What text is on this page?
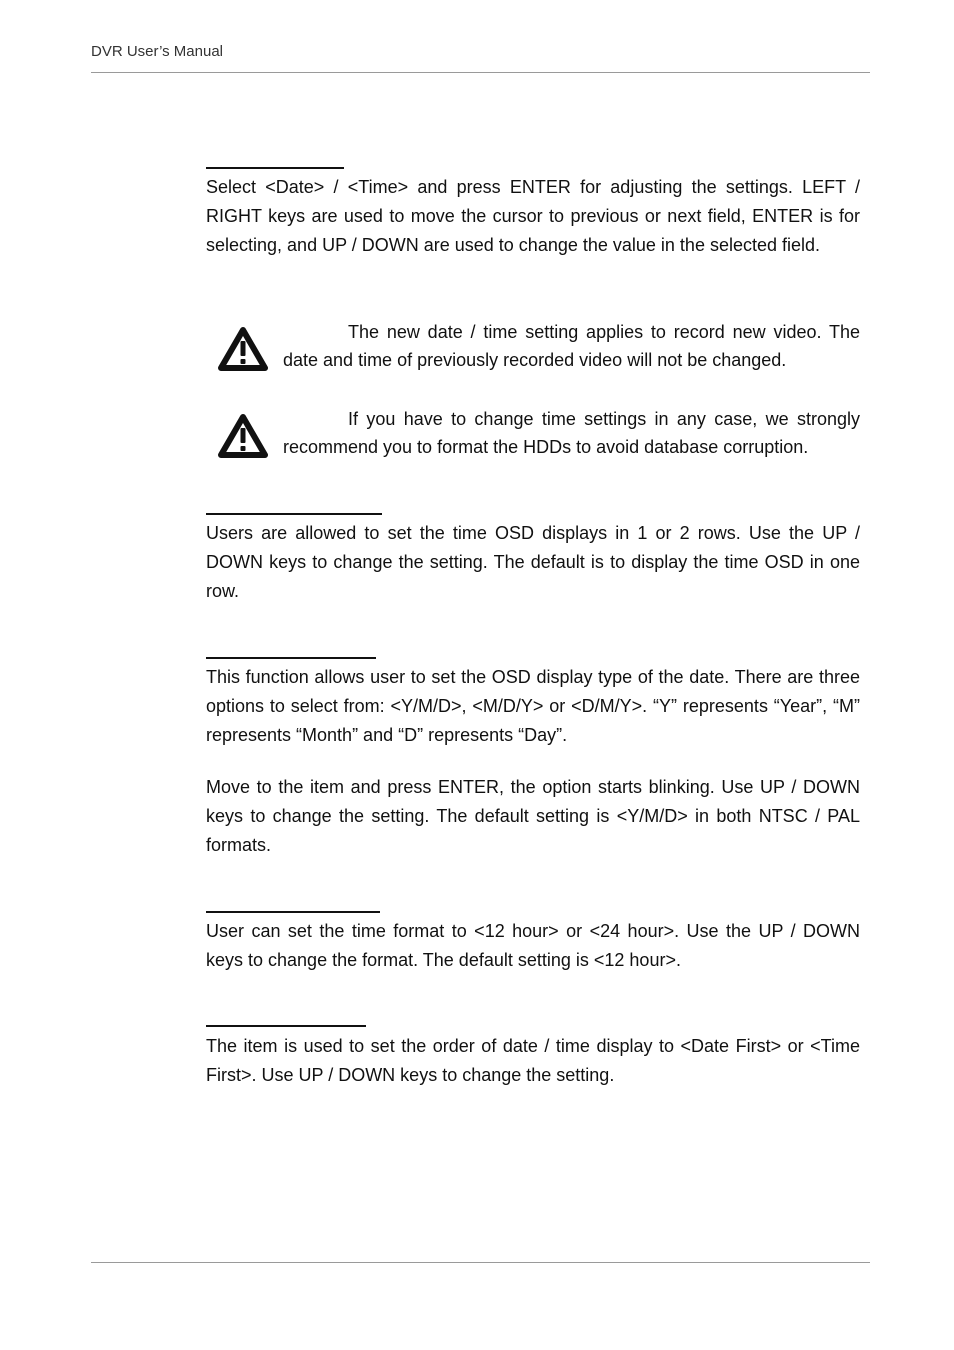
DVR User’s Manual

Select <Date> / <Time> and press ENTER for adjusting the settings. LEFT / RIGHT keys are used to move the cursor to previous or next field, ENTER is for selecting, and UP / DOWN are used to change the value in the selected field.

The new date / time setting applies to record new video. The date and time of previously recorded video will not be changed.

If you have to change time settings in any case, we strongly recommend you to format the HDDs to avoid database corruption.

Users are allowed to set the time OSD displays in 1 or 2 rows. Use the UP / DOWN keys to change the setting. The default is to display the time OSD in one row.

This function allows user to set the OSD display type of the date. There are three options to select from: <Y/M/D>, <M/D/Y> or <D/M/Y>. “Y” represents “Year”, “M” represents “Month” and “D” represents “Day”.

Move to the item and press ENTER, the option starts blinking. Use UP / DOWN keys to change the setting. The default setting is <Y/M/D> in both NTSC / PAL formats.

User can set the time format to <12 hour> or <24 hour>. Use the UP / DOWN keys to change the format. The default setting is <12 hour>.

The item is used to set the order of date / time display to <Date First> or <Time First>. Use UP / DOWN keys to change the setting.
